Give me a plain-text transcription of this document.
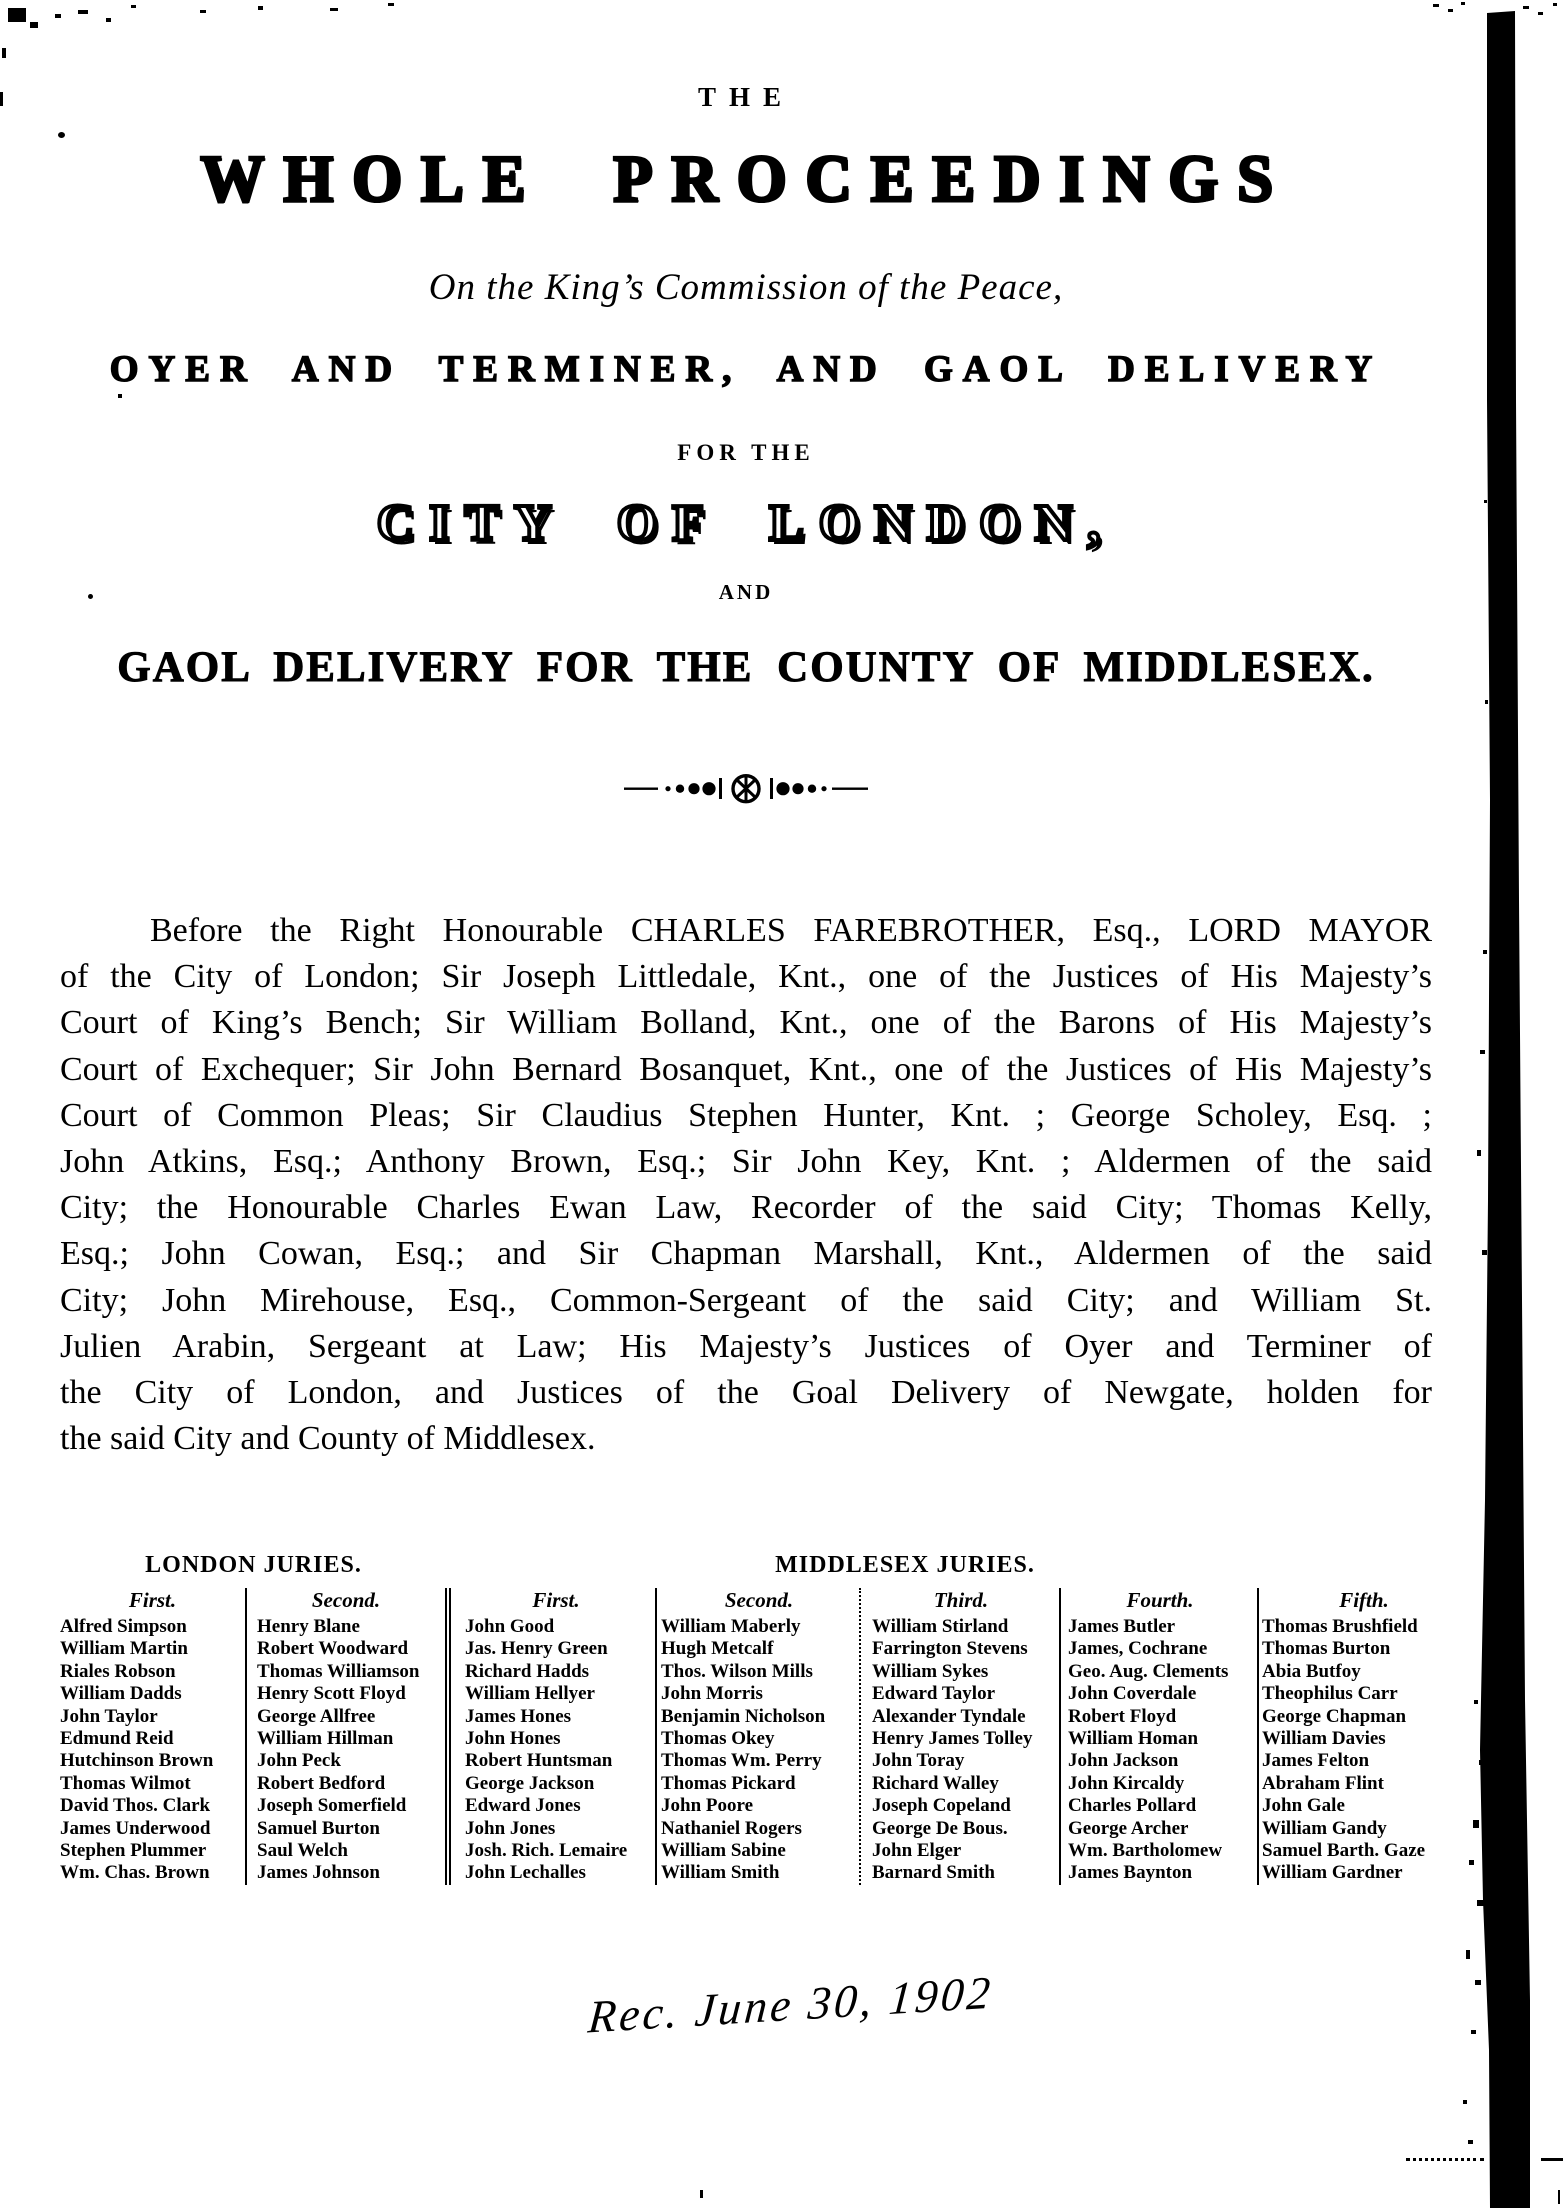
THE
WHOLE PROCEEDINGS
On the King’s Commission of the Peace,
OYER AND TERMINER, AND GAOL DELIVERY
FOR THE
CITY OF LONDON,
AND
GAOL DELIVERY FOR THE COUNTY OF MIDDLESEX.
Before the Right Honourable CHARLES FAREBROTHER, Esq., LORD MAYOR
of the City of London; Sir Joseph Littledale, Knt., one of the Justices of His Majesty’s
Court of King’s Bench; Sir William Bolland, Knt., one of the Barons of His Majesty’s
Court of Exchequer; Sir John Bernard Bosanquet, Knt., one of the Justices of His Majesty’s
Court of Common Pleas; Sir Claudius Stephen Hunter, Knt. ; George Scholey, Esq. ;
John Atkins, Esq.; Anthony Brown, Esq.; Sir John Key, Knt. ; Aldermen of the said
City; the Honourable Charles Ewan Law, Recorder of the said City; Thomas Kelly,
Esq.; John Cowan, Esq.; and Sir Chapman Marshall, Knt., Aldermen of the said
City; John Mirehouse, Esq., Common-Sergeant of the said City; and William St.
Julien Arabin, Sergeant at Law; His Majesty’s Justices of Oyer and Terminer of
the City of London, and Justices of the Goal Delivery of Newgate, holden for
the said City and County of Middlesex.
LONDON JURIES.	MIDDLESEX JURIES.
First.
Alfred Simpson
William Martin
Riales Robson
William Dadds
John Taylor
Edmund Reid
Hutchinson Brown
Thomas Wilmot
David Thos. Clark
James Underwood
Stephen Plummer
Wm. Chas. Brown
Second.
Henry Blane
Robert Woodward
Thomas Williamson
Henry Scott Floyd
George Allfree
William Hillman
John Peck
Robert Bedford
Joseph Somerfield
Samuel Burton
Saul Welch
James Johnson
First.
John Good
Jas. Henry Green
Richard Hadds
William Hellyer
James Hones
John Hones
Robert Huntsman
George Jackson
Edward Jones
John Jones
Josh. Rich. Lemaire
John Lechalles
Second.
William Maberly
Hugh Metcalf
Thos. Wilson Mills
John Morris
Benjamin Nicholson
Thomas Okey
Thomas Wm. Perry
Thomas Pickard
John Poore
Nathaniel Rogers
William Sabine
William Smith
Third.
William Stirland
Farrington Stevens
William Sykes
Edward Taylor
Alexander Tyndale
Henry James Tolley
John Toray
Richard Walley
Joseph Copeland
George De Bous.
John Elger
Barnard Smith
Fourth.
James Butler
James, Cochrane
Geo. Aug. Clements
John Coverdale
Robert Floyd
William Homan
John Jackson
John Kircaldy
Charles Pollard
George Archer
Wm. Bartholomew
James Baynton
Fifth.
Thomas Brushfield
Thomas Burton
Abia Butfoy
Theophilus Carr
George Chapman
William Davies
James Felton
Abraham Flint
John Gale
William Gandy
Samuel Barth. Gaze
William Gardner
Rec. June 30, 1902
